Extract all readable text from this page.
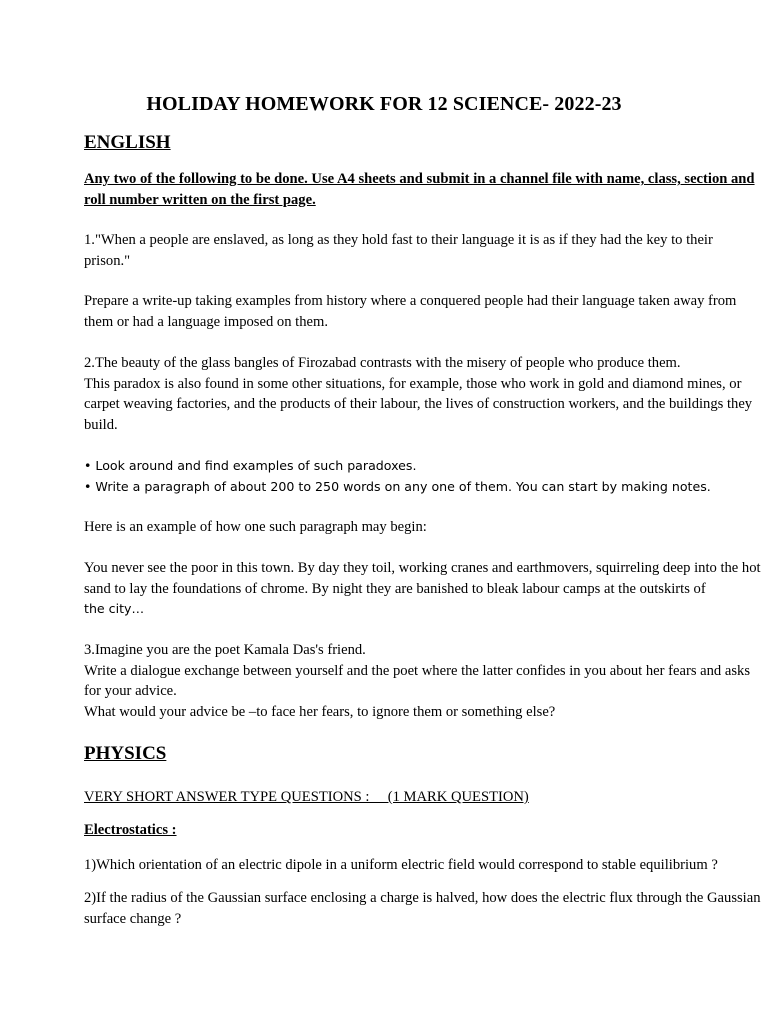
HOLIDAY HOMEWORK FOR 12 SCIENCE- 2022-23
ENGLISH

Any two of the following to be done. Use A4 sheets and submit in a channel file with name, class, section and roll number written on the first page.

1."When a people are enslaved, as long as they hold fast to their language it is as if they had the key to their prison."

Prepare a write-up taking examples from history where a conquered people had their language taken away from them or had a language imposed on them.

2.The beauty of the glass bangles of Firozabad contrasts with the misery of people who produce them.
This paradox is also found in some other situations, for example, those who work in gold and diamond mines, or carpet weaving factories, and the products of their labour, the lives of construction workers, and the buildings they build.
• Look around and find examples of such paradoxes.
• Write a paragraph of about 200 to 250 words on any one of them. You can start by making notes.

Here is an example of how one such paragraph may begin:

You never see the poor in this town. By day they toil, working cranes and earthmovers, squirreling deep into the hot sand to lay the foundations of chrome. By night they are banished to bleak labour camps at the outskirts of
the city…
3.Imagine you are the poet Kamala Das's friend.
Write a dialogue exchange between yourself and the poet where the latter confides in you about her fears and asks for your advice.
What would your advice be –to face her fears, to ignore them or something else?
PHYSICS
VERY SHORT ANSWER TYPE QUESTIONS :     (1 MARK QUESTION)
Electrostatics :

1)Which orientation of an electric dipole in a uniform electric field would correspond to stable equilibrium ?

2)If the radius of the Gaussian surface enclosing a charge is halved, how does the electric flux through the Gaussian surface change ?
